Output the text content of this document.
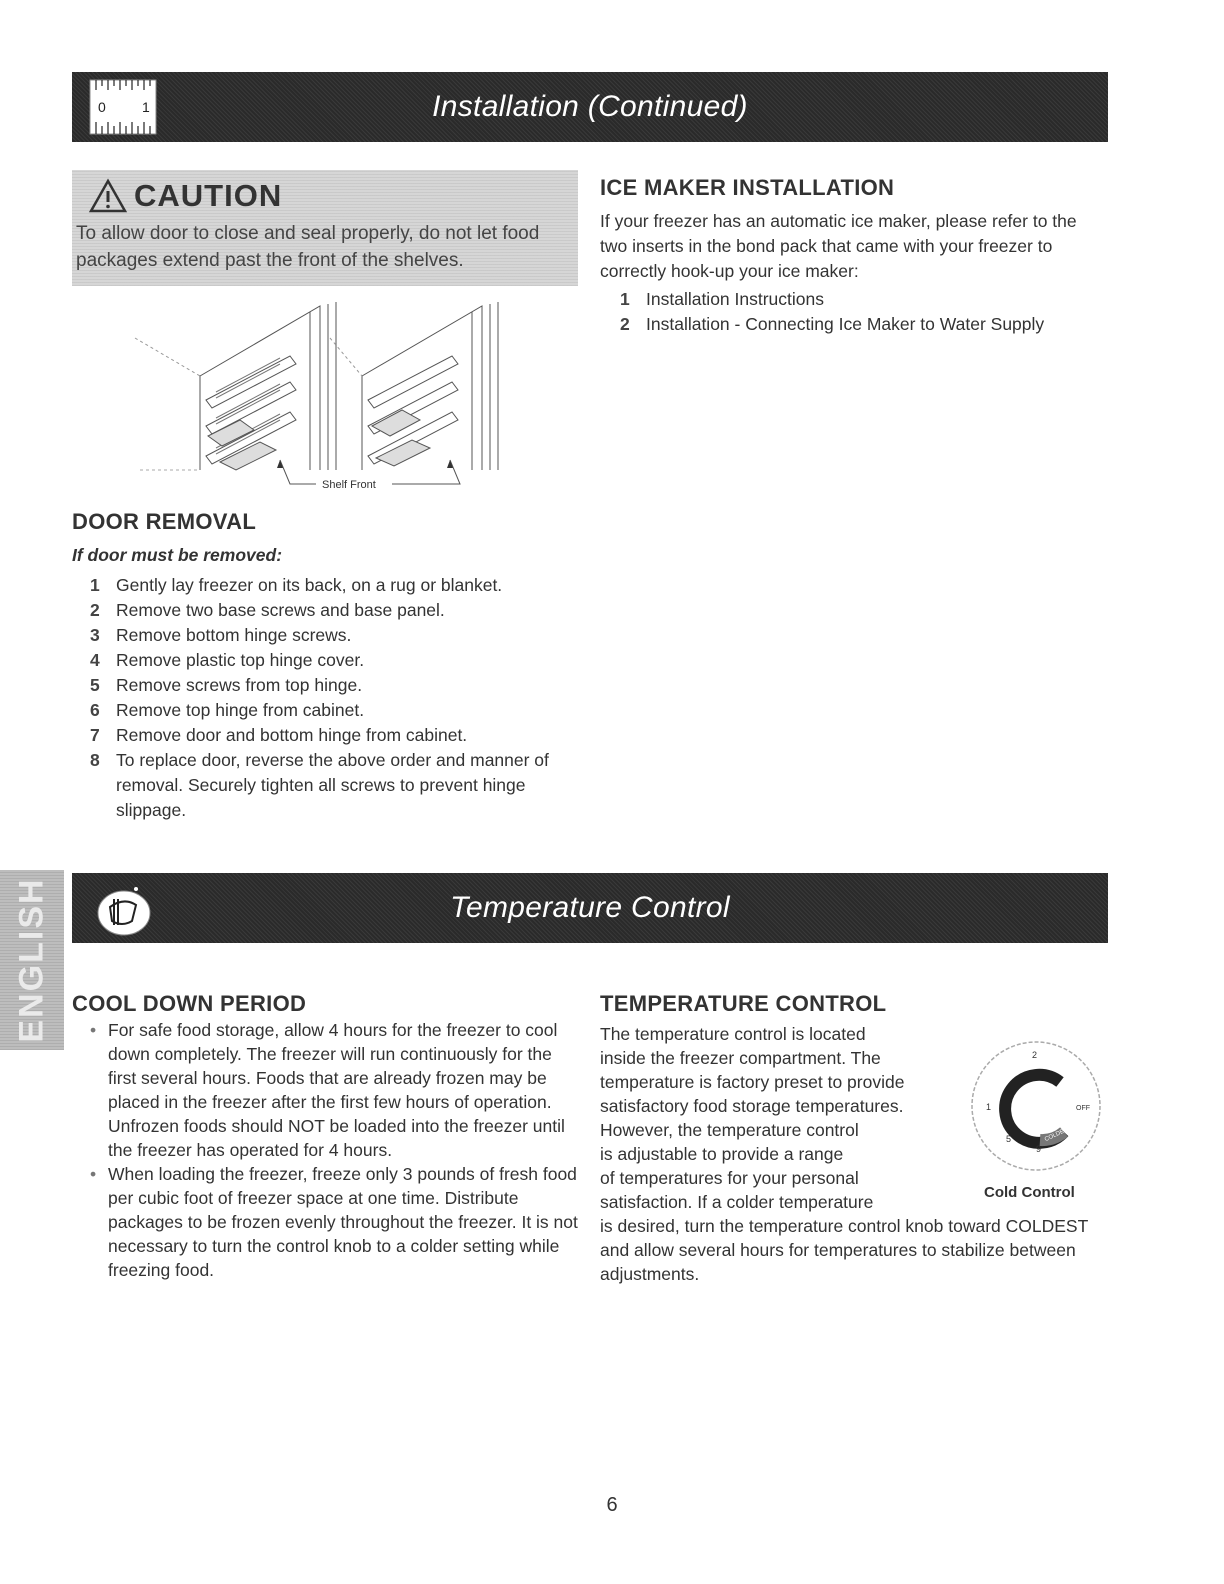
0	1	Installation (Continued)
CAUTION
To allow door to close and seal properly, do not let food packages extend past the front of the shelves.
Shelf Front
DOOR REMOVAL
If door must be removed:
1 Gently lay freezer on its back, on a rug or blanket.
2 Remove two base screws and base panel.
3 Remove bottom hinge screws.
4 Remove plastic top hinge cover.
5 Remove screws from top hinge.
6 Remove top hinge from cabinet.
7 Remove door and bottom hinge from cabinet.
8 To replace door, reverse the above order and manner of removal. Securely tighten all screws to prevent hinge slippage.
ICE MAKER INSTALLATION

If your freezer has an automatic ice maker, please refer to the two inserts in the bond pack that came with your freezer to correctly hook-up your ice maker:

1 Installation Instructions
2 Installation - Connecting Ice Maker to Water Supply
ENGLISH	Temperature Control
COOL DOWN PERIOD
• For safe food storage, allow 4 hours for the freezer to cool down completely. The freezer will run continuously for the first several hours. Foods that are already frozen may be placed in the freezer after the first few hours of operation. Unfrozen foods should NOT be loaded into the freezer until the freezer has operated for 4 hours.
• When loading the freezer, freeze only 3 pounds of fresh food per cubic foot of freezer space at one time. Distribute packages to be frozen evenly throughout the freezer. It is not necessary to turn the control knob to a colder setting while freezing food.
TEMPERATURE CONTROL
The temperature control is located
inside the freezer compartment. The
temperature is factory preset to provide
satisfactory food storage temperatures.
However, the temperature control
is adjustable to provide a range
of temperatures for your personal
satisfaction. If a colder temperature
is desired, turn the temperature control knob toward COLDEST and allow several hours for temperatures to stabilize between adjustments.
2
1	OFF
5
9
COLDEST
Cold Control
6
